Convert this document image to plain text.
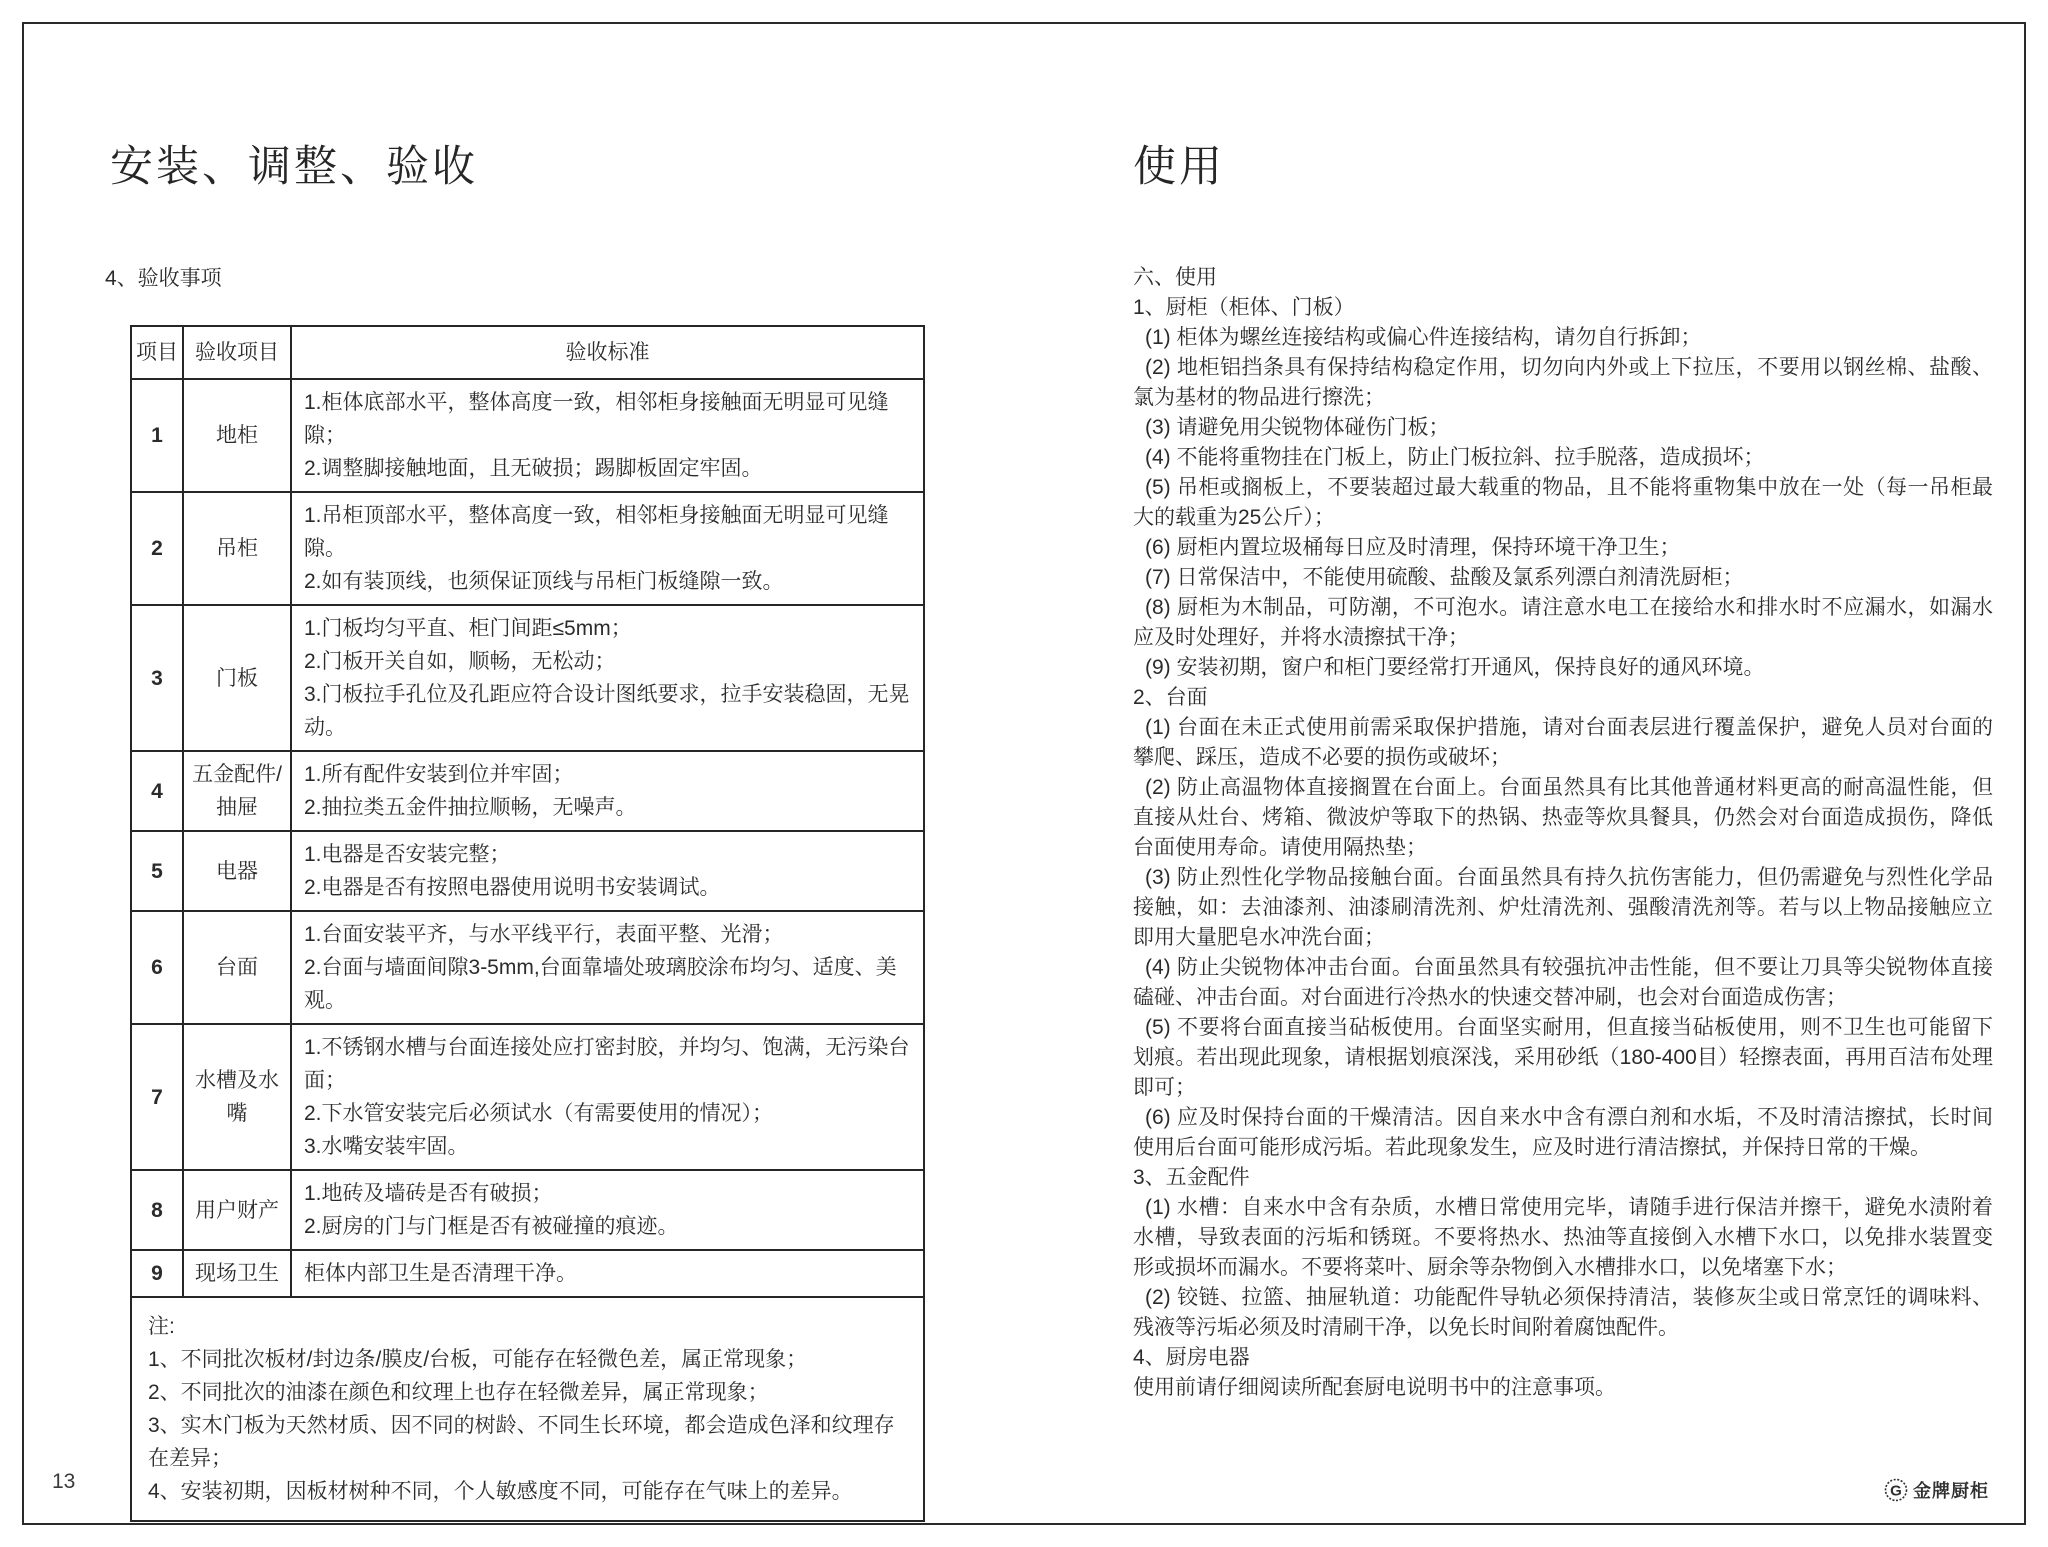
安装、调整、验收
4、验收事项
项目	验收项目	验收标准
1	地柜	1.柜体底部水平，整体高度一致，相邻柜身接触面无明显可见缝隙；
2.调整脚接触地面，且无破损；踢脚板固定牢固。

2	吊柜	1.吊柜顶部水平，整体高度一致，相邻柜身接触面无明显可见缝隙。
2.如有装顶线，也须保证顶线与吊柜门板缝隙一致。

3	门板	1.门板均匀平直、柜门间距≤5mm；
2.门板开关自如，顺畅，无松动；
3.门板拉手孔位及孔距应符合设计图纸要求，拉手安装稳固，无晃动。

4	五金配件/抽屉	1.所有配件安装到位并牢固；
2.抽拉类五金件抽拉顺畅，无噪声。

5	电器	1.电器是否安装完整；
2.电器是否有按照电器使用说明书安装调试。

6	台面	1.台面安装平齐，与水平线平行，表面平整、光滑；
2.台面与墙面间隙3-5mm,台面靠墙处玻璃胶涂布均匀、适度、美观。

7	水槽及水嘴	1.不锈钢水槽与台面连接处应打密封胶，并均匀、饱满，无污染台面；
2.下水管安装完后必须试水（有需要使用的情况）；
3.水嘴安装牢固。

8	用户财产	1.地砖及墙砖是否有破损；
2.厨房的门与门框是否有被碰撞的痕迹。

9	现场卫生	柜体内部卫生是否清理干净。

注:
1、不同批次板材/封边条/膜皮/台板，可能存在轻微色差，属正常现象；
2、不同批次的油漆在颜色和纹理上也存在轻微差异，属正常现象；
3、实木门板为天然材质、因不同的树龄、不同生长环境，都会造成色泽和纹理存在差异；
4、安装初期，因板材树种不同，个人敏感度不同，可能存在气味上的差异。		
13
使用

六、使用

1、厨柜（柜体、门板）

(1) 柜体为螺丝连接结构或偏心件连接结构，请勿自行拆卸；

(2) 地柜铝挡条具有保持结构稳定作用，切勿向内外或上下拉压，不要用以钢丝棉、盐酸、氯为基材的物品进行擦洗；

(3) 请避免用尖锐物体碰伤门板；

(4) 不能将重物挂在门板上，防止门板拉斜、拉手脱落，造成损坏；

(5) 吊柜或搁板上，不要装超过最大载重的物品，且不能将重物集中放在一处（每一吊柜最大的载重为25公斤）；

(6) 厨柜内置垃圾桶每日应及时清理，保持环境干净卫生；

(7) 日常保洁中，不能使用硫酸、盐酸及氯系列漂白剂清洗厨柜；

(8) 厨柜为木制品，可防潮，不可泡水。请注意水电工在接给水和排水时不应漏水，如漏水应及时处理好，并将水渍擦拭干净；

(9) 安装初期，窗户和柜门要经常打开通风，保持良好的通风环境。

2、台面

(1) 台面在未正式使用前需采取保护措施，请对台面表层进行覆盖保护，避免人员对台面的攀爬、踩压，造成不必要的损伤或破坏；

(2) 防止高温物体直接搁置在台面上。台面虽然具有比其他普通材料更高的耐高温性能，但直接从灶台、烤箱、微波炉等取下的热锅、热壶等炊具餐具，仍然会对台面造成损伤，降低台面使用寿命。请使用隔热垫；

(3) 防止烈性化学物品接触台面。台面虽然具有持久抗伤害能力，但仍需避免与烈性化学品接触，如：去油漆剂、油漆刷清洗剂、炉灶清洗剂、强酸清洗剂等。若与以上物品接触应立即用大量肥皂水冲洗台面；

(4) 防止尖锐物体冲击台面。台面虽然具有较强抗冲击性能，但不要让刀具等尖锐物体直接磕碰、冲击台面。对台面进行冷热水的快速交替冲刷，也会对台面造成伤害；

(5) 不要将台面直接当砧板使用。台面坚实耐用，但直接当砧板使用，则不卫生也可能留下划痕。若出现此现象，请根据划痕深浅，采用砂纸（180-400目）轻擦表面，再用百洁布处理即可；

(6) 应及时保持台面的干燥清洁。因自来水中含有漂白剂和水垢，不及时清洁擦拭，长时间使用后台面可能形成污垢。若此现象发生，应及时进行清洁擦拭，并保持日常的干燥。

3、五金配件

(1) 水槽：自来水中含有杂质，水槽日常使用完毕，请随手进行保洁并擦干，避免水渍附着水槽，导致表面的污垢和锈斑。不要将热水、热油等直接倒入水槽下水口，以免排水装置变形或损坏而漏水。不要将菜叶、厨余等杂物倒入水槽排水口，以免堵塞下水；

(2) 铰链、拉篮、抽屉轨道：功能配件导轨必须保持清洁，装修灰尘或日常烹饪的调味料、残液等污垢必须及时清刷干净，以免长时间附着腐蚀配件。

4、厨房电器

使用前请仔细阅读所配套厨电说明书中的注意事项。

G 金牌厨柜
